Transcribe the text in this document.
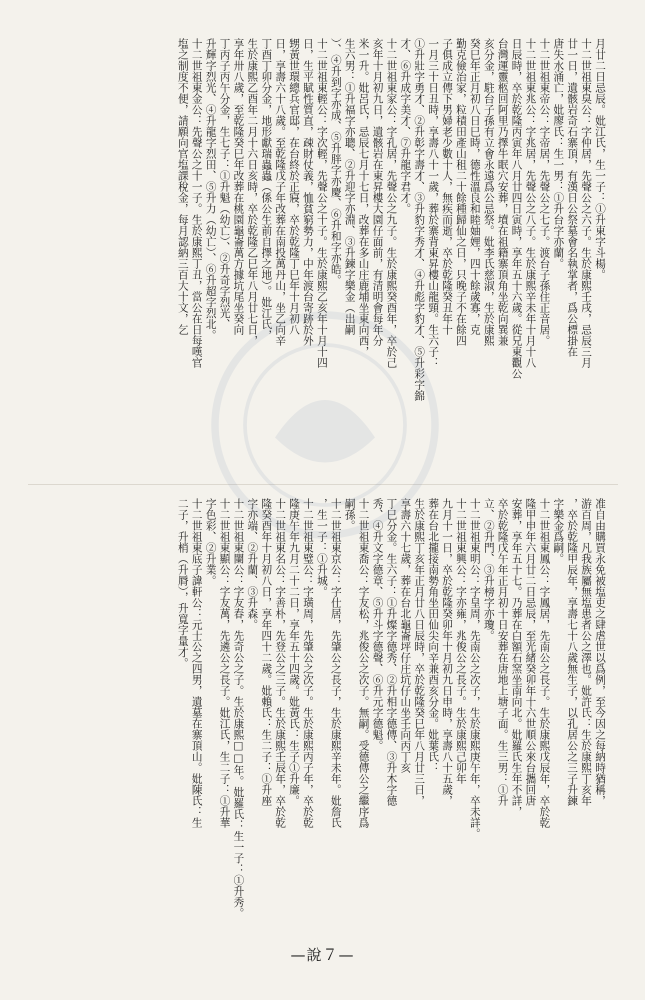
月廿二日忌辰。妣江氏，生一子：①升東字斗楊。
十二世祖東臭公：字仲居，先聲公之六子。生於康熙壬戌，忌辰三月
廿一日，遺骸岩奇石寨頂，有漢日公祭墓會名執掌者，爲公標掛在
唐失水涌亡，妣廖氏：生一男：①升台字亦蘭。
十二世祖東帝公：字帝居，先聲公之七子。渡台子孫住正音居。
十二世祖東兆公：字兆居，先聲公之八子。生於康熙辛未年十月十八
日辰時，卒於乾隆丙寅年八月廿四日寅時，享年五十六歲。從兄東觀公
台灣運靈柩回阿里乃擇牛眠穴安葬，墳在祖籍寨頂角坐乾向巽兼
亥分金，駐台子孫有立會永遠爲公忌祭。妣李氏慈淑，生於康熙
癸巳年正月初八日巳時，德性溫良和睦妯娌，四十餘歲寡，克
勤克儉治家，粒積田產山租二十餘種歸仙之日，只晚子不在餘四
子俱成立傳下男婦老少數十人，無疾而逝，卒於乾隆癸丑年十
一月三十日丑時，享壽八十一歲，葬於寨背東昇樓山龍頸。生六子：
①升壯字勇才、②升彰字壽才、③升豹字秀才、④升彪字豹才、⑤升彩字錦
才、⑥升成字美才、⑦升龍字君才。
十二世祖東家公：字孔居，先聲公之九子。生於康熙癸酉年，卒於己
亥年十月初九日，遺骸岩在東昇樓大園仔面前，有清明會每年分
米一升。妣呂氏，忌辰七月十七日，改葬在多山庄鹿埔坐東向西，
生六男：①升福字亦聰、②升迎字亦淵、③升鍊字樂金（出嗣
）、④升到字亦成、⑤升胖字亦慶、⑥升和字亦皓。
十二世祖東輕公：字次輕，先聲公之十子。生於康熙乙亥年十月十四
日，生平賦性質直，疎財仗義，恤貧窮勢力，中年渡台寄跡於外
甥黃世環總兵官邸，在台終於正寢，卒於乾隆丁巳年十月初八
日，享壽六十八歲。至乾隆戊子年改葬在南投萬丹山，坐乙向辛
丁酉丁卯分金，地形獻瑞蟲蟲（係公生前自擇之地）。妣江氏，
生於康熙乙酉年二月十六日亥時，卒於乾隆乙巳年八月廿七日，
享年卅八歲，至乾隆癸巳年改葬在桃園龜崙萬方據坑尾坐癸向
丁丙子丙午分金，生七子：①升魁（幼亡）、②升奇字烈光、
升輝字烈光、④升龍字烈田、⑤升力（幼亡）、⑥升超字烈北。
十二世祖東金公：先聲公之十一子。生於康熙丁丑，當公在日每嘆官
塩之制度不便，請願向官塩課稅金，每月認納三百大十文，乞
准自由購買永免被塩吏之肆虐世以爲例，至今因之每納時猶稱，
游百周，凡我族屬無塩患者公之澤也。妣許氏：生於康熙丁亥年
，卒於乾隆甲辰年，享壽七十八歲無生子，以孔居公之三子升鍊
字樂金爲嗣。
十二世祖東鳳公：字鳳居，先南公之長子。生於康熙戊辰年，卒於乾
隆甲申年六月廿二日忌辰，至光緒癸卯年十六世順公來台攜回唐
安葬，享年五十七。乃葬在白額石窯坐南向北。妣羅氏生年不詳，
卒於乾隆戊午年正月初十日安葬在唐地上塘子面。生三男：①升
立、②升門、③升榜字亦瓊。
十二世祖東明公：字皇周，先南公之次子，生於康熙庚午年，卒未詳。
十二世祖東興公：字亦雍，兆俊公之長子。生於康熙己卯年
九月十一日，卒於乾隆癸卯年十月初九日申時，享壽八十五歲，
葬在台北攏接南勢角坐田仙尖向辛兼酉亥分金。妣葉氏：
生於康熙丁亥年正月廿八日辰時，卒於乾隆癸巳年八月廿三日，
享壽六十七歲，葬在台北龜崙坪仔庄坑仔山坐壬向丙丁亥
丁巳分金。生六子：①升燦字德秀、②升相字德傳、③升木字德
秀、④升文字德章、⑤升斗字德聲、⑥升元字德魁。
十二世祖東喬公：字友松，兆俊公之次子。無嗣。受德傳公之繼序爲
嗣孫。
十二世祖東京公：字仕居，先肇公之長子，生於康熙辛未年。妣詹氏
，生一子：①升城。
十二世祖東璧公：字璜周，先肇公之次子。生於康熙丙子年，卒於乾
隆庚午年九月二十二日，享年五十四歲。妣黃氏：生子①升廉。
十二世祖東名公：字善朴，先登公之三子。生於康熙壬辰年，卒於乾
隆癸酉年十月初八日，享年四十二歲。妣賴氏：生二子：①升座
字亦端、②升蘭、③升森。
十二世祖東闌公：字友春，先奇公之子。生於康熙□□年。妣羅氏：生一子：①升秀。
十二世祖東顯公：字友萬，先遴公之長子。妣江氏，生二子：①升華
字色彩、②升業。
十二世祖東底子諱軒公：元士公之四男，遺墓在寨頂山。妣陳氏：生
二子，升梢（升脣），升寬字量才。
—說７—
